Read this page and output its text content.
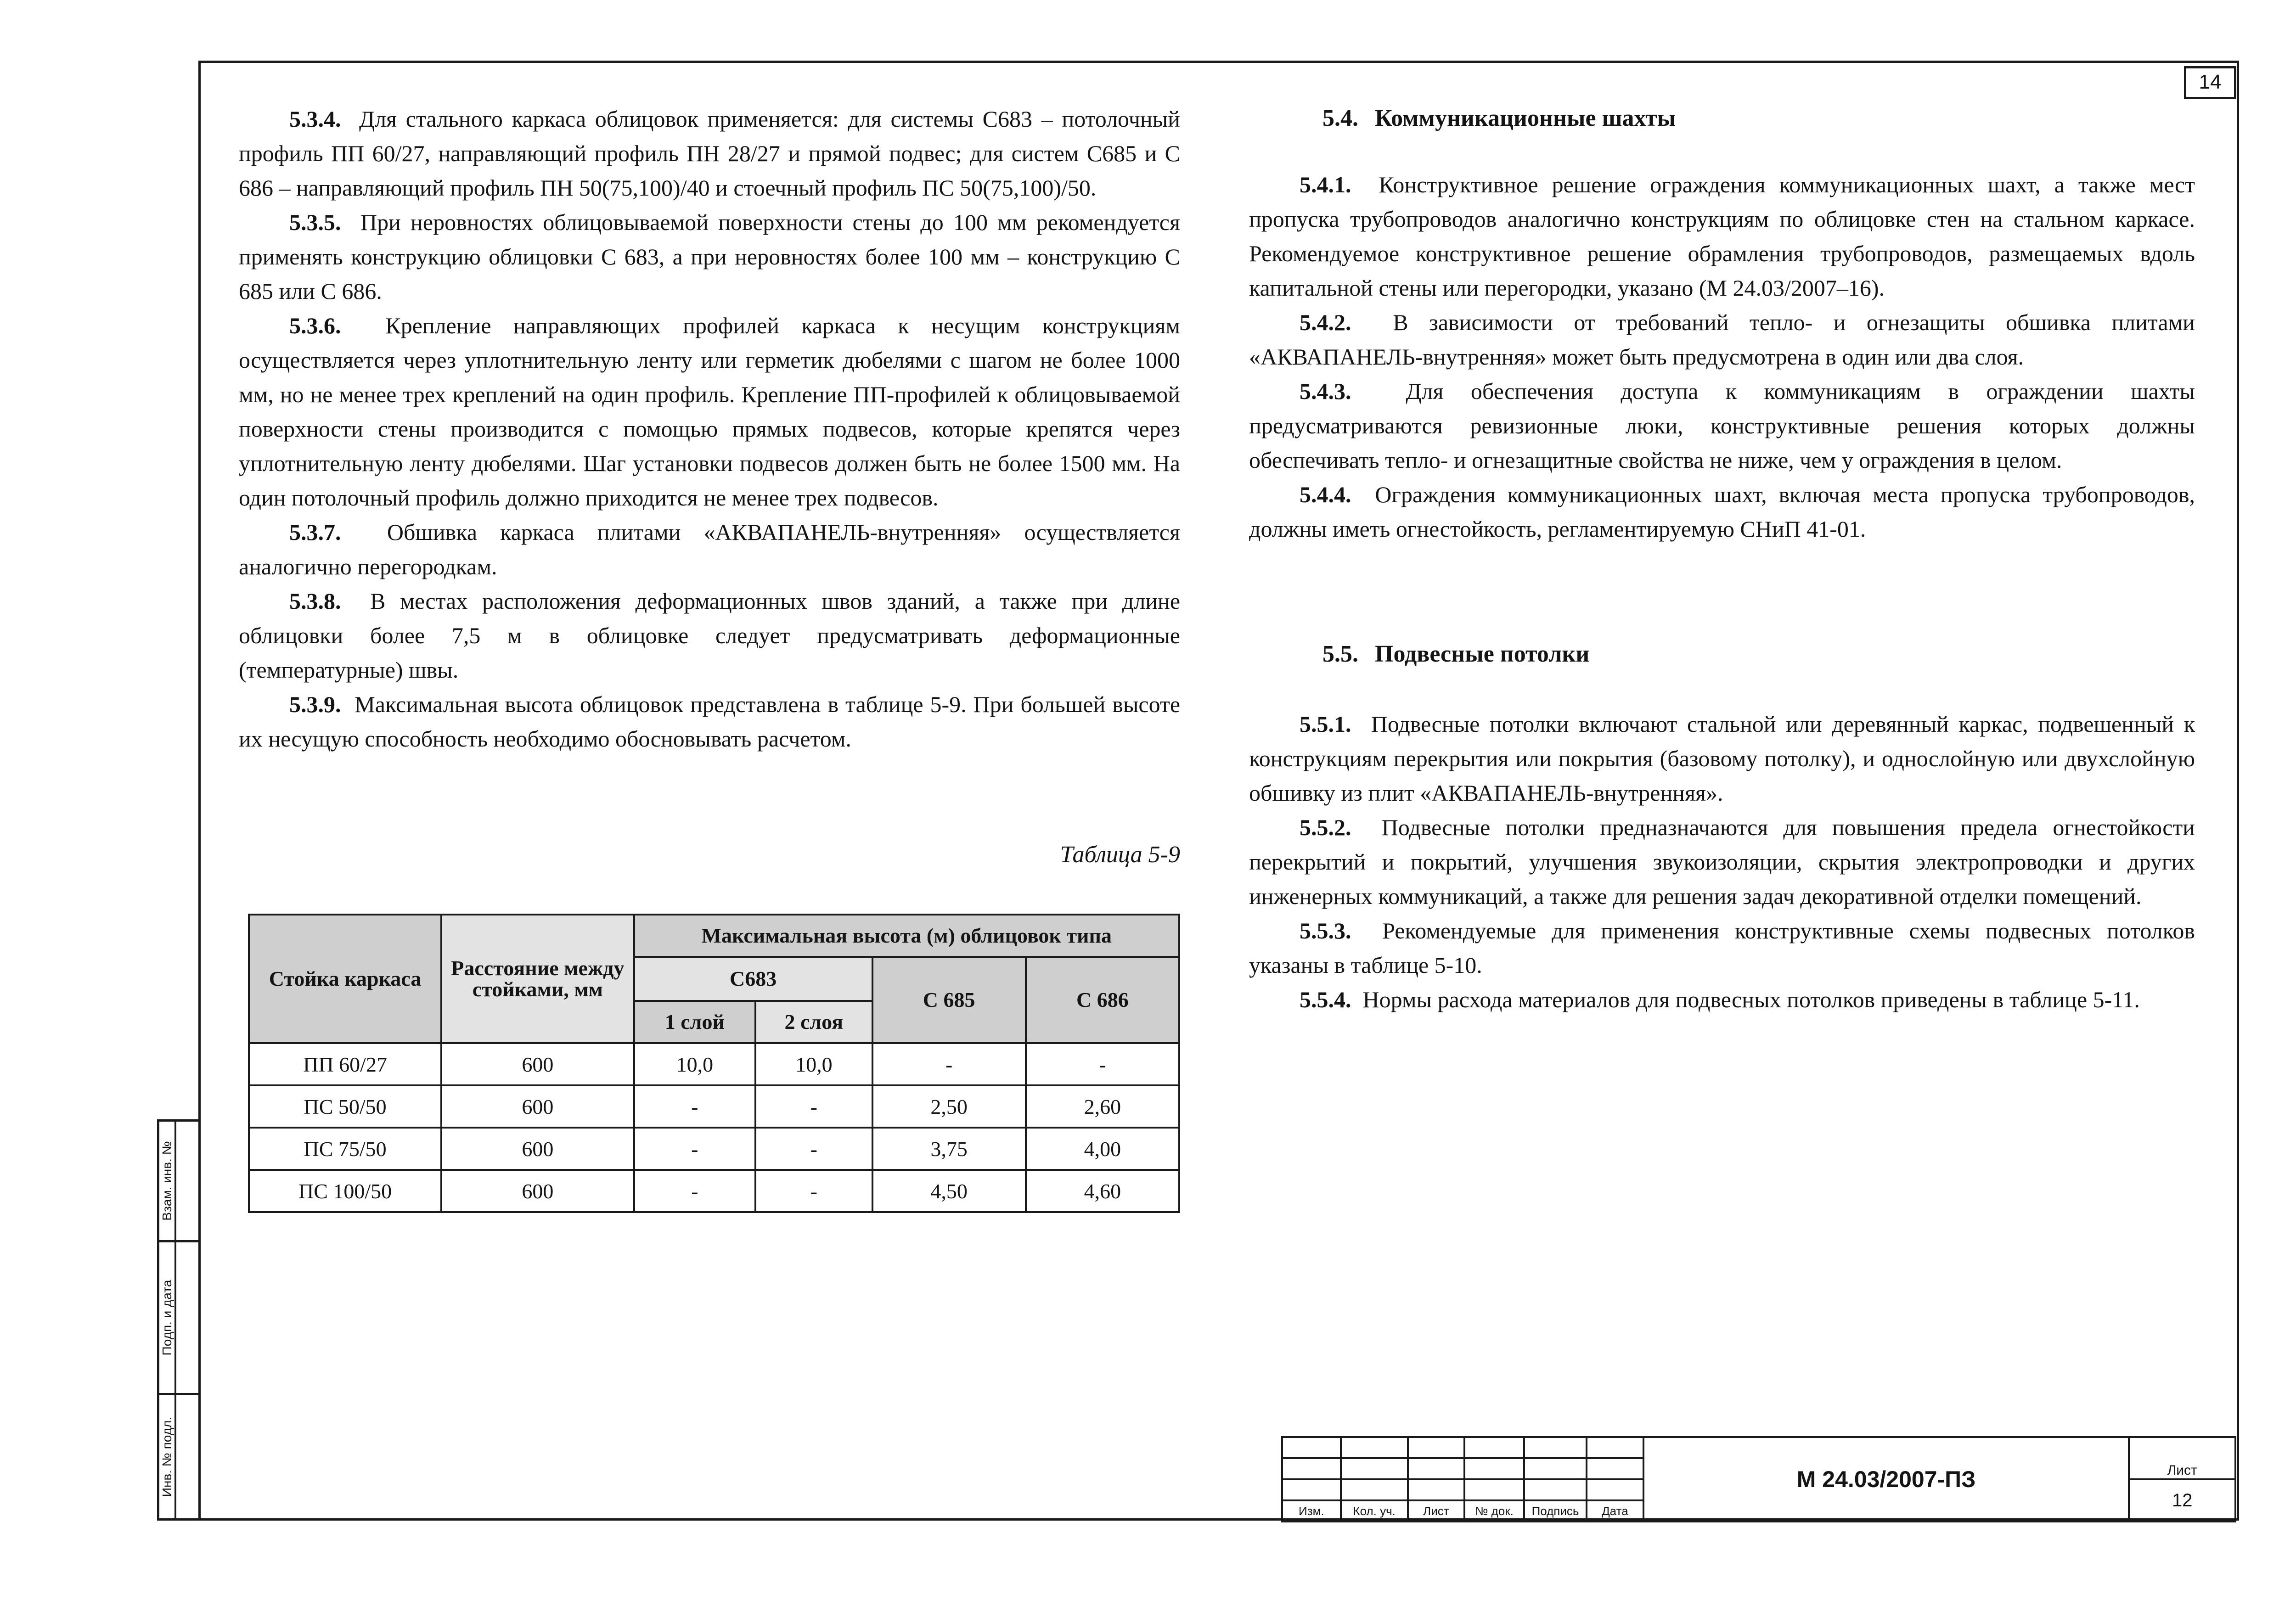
14

5.3.4. Для стального каркаса облицовок применяется: для системы С683 – потолочный профиль ПП 60/27, направляющий профиль ПН 28/27 и прямой подвес; для систем С685 и С 686 – направляющий профиль ПН 50(75,100)/40 и стоечный профиль ПС 50(75,100)/50.

5.3.5. При неровностях облицовываемой поверхности стены до 100 мм рекомендуется применять конструкцию облицовки С 683, а при неровностях более 100 мм – конструкцию С 685 или С 686.

5.3.6. Крепление направляющих профилей каркаса к несущим конструкциям осуществляется через уплотнительную ленту или герметик дюбелями с шагом не более 1000 мм, но не менее трех креплений на один профиль. Крепление ПП-профилей к облицовываемой поверхности стены производится с помощью прямых подвесов, которые крепятся через уплотнительную ленту дюбелями. Шаг установки подвесов должен быть не более 1500 мм. На один потолочный профиль должно приходится не менее трех подвесов.

5.3.7. Обшивка каркаса плитами «АКВАПАНЕЛЬ-внутренняя» осуществляется аналогично перегородкам.

5.3.8. В местах расположения деформационных швов зданий, а также при длине облицовки более 7,5 м в облицовке следует предусматривать деформационные (температурные) швы.

5.3.9. Максимальная высота облицовок представлена в таблице 5-9. При большей высоте их несущую способность необходимо обосновывать расчетом.

Таблица 5-9
Стойка каркаса	Расстояние между стойками, мм	Максимальная высота (м) облицовок типа			
		С683		С 685	С 686
		1 слой	2 слоя		
ПП 60/27	600	10,0	10,0	-	-
ПС 50/50	600	-	-	2,50	2,60
ПС 75/50	600	-	-	3,75	4,00
ПС 100/50	600	-	-	4,50	4,60
5.4. Коммуникационные шахты

5.4.1. Конструктивное решение ограждения коммуникационных шахт, а также мест пропуска трубопроводов аналогично конструкциям по облицовке стен на стальном каркасе. Рекомендуемое конструктивное решение обрамления трубопроводов, размещаемых вдоль капитальной стены или перегородки, указано (М 24.03/2007–16).

5.4.2. В зависимости от требований тепло- и огнезащиты обшивка плитами «АКВАПАНЕЛЬ-внутренняя» может быть предусмотрена в один или два слоя.

5.4.3. Для обеспечения доступа к коммуникациям в ограждении шахты предусматриваются ревизионные люки, конструктивные решения которых должны обеспечивать тепло- и огнезащитные свойства не ниже, чем у ограждения в целом.

5.4.4. Ограждения коммуникационных шахт, включая места пропуска трубопроводов, должны иметь огнестойкость, регламентируемую СНиП 41-01.

5.5. Подвесные потолки

5.5.1. Подвесные потолки включают стальной или деревянный каркас, подвешенный к конструкциям перекрытия или покрытия (базовому потолку), и однослойную или двухслойную обшивку из плит «АКВАПАНЕЛЬ-внутренняя».

5.5.2. Подвесные потолки предназначаются для повышения предела огнестойкости перекрытий и покрытий, улучшения звукоизоляции, скрытия электропроводки и других инженерных коммуникаций, а также для решения задач декоративной отделки помещений.

5.5.3. Рекомендуемые для применения конструктивные схемы подвесных потолков указаны в таблице 5-10.

5.5.4. Нормы расхода материалов для подвесных потолков приведены в таблице 5-11.

						М 24.03/2007-ПЗ	Лист

							12
Изм.	Кол. уч.	Лист	№ док.	Подпись	Дата		
Взам. инв. №
Подп. и дата
Инв. № подл.
